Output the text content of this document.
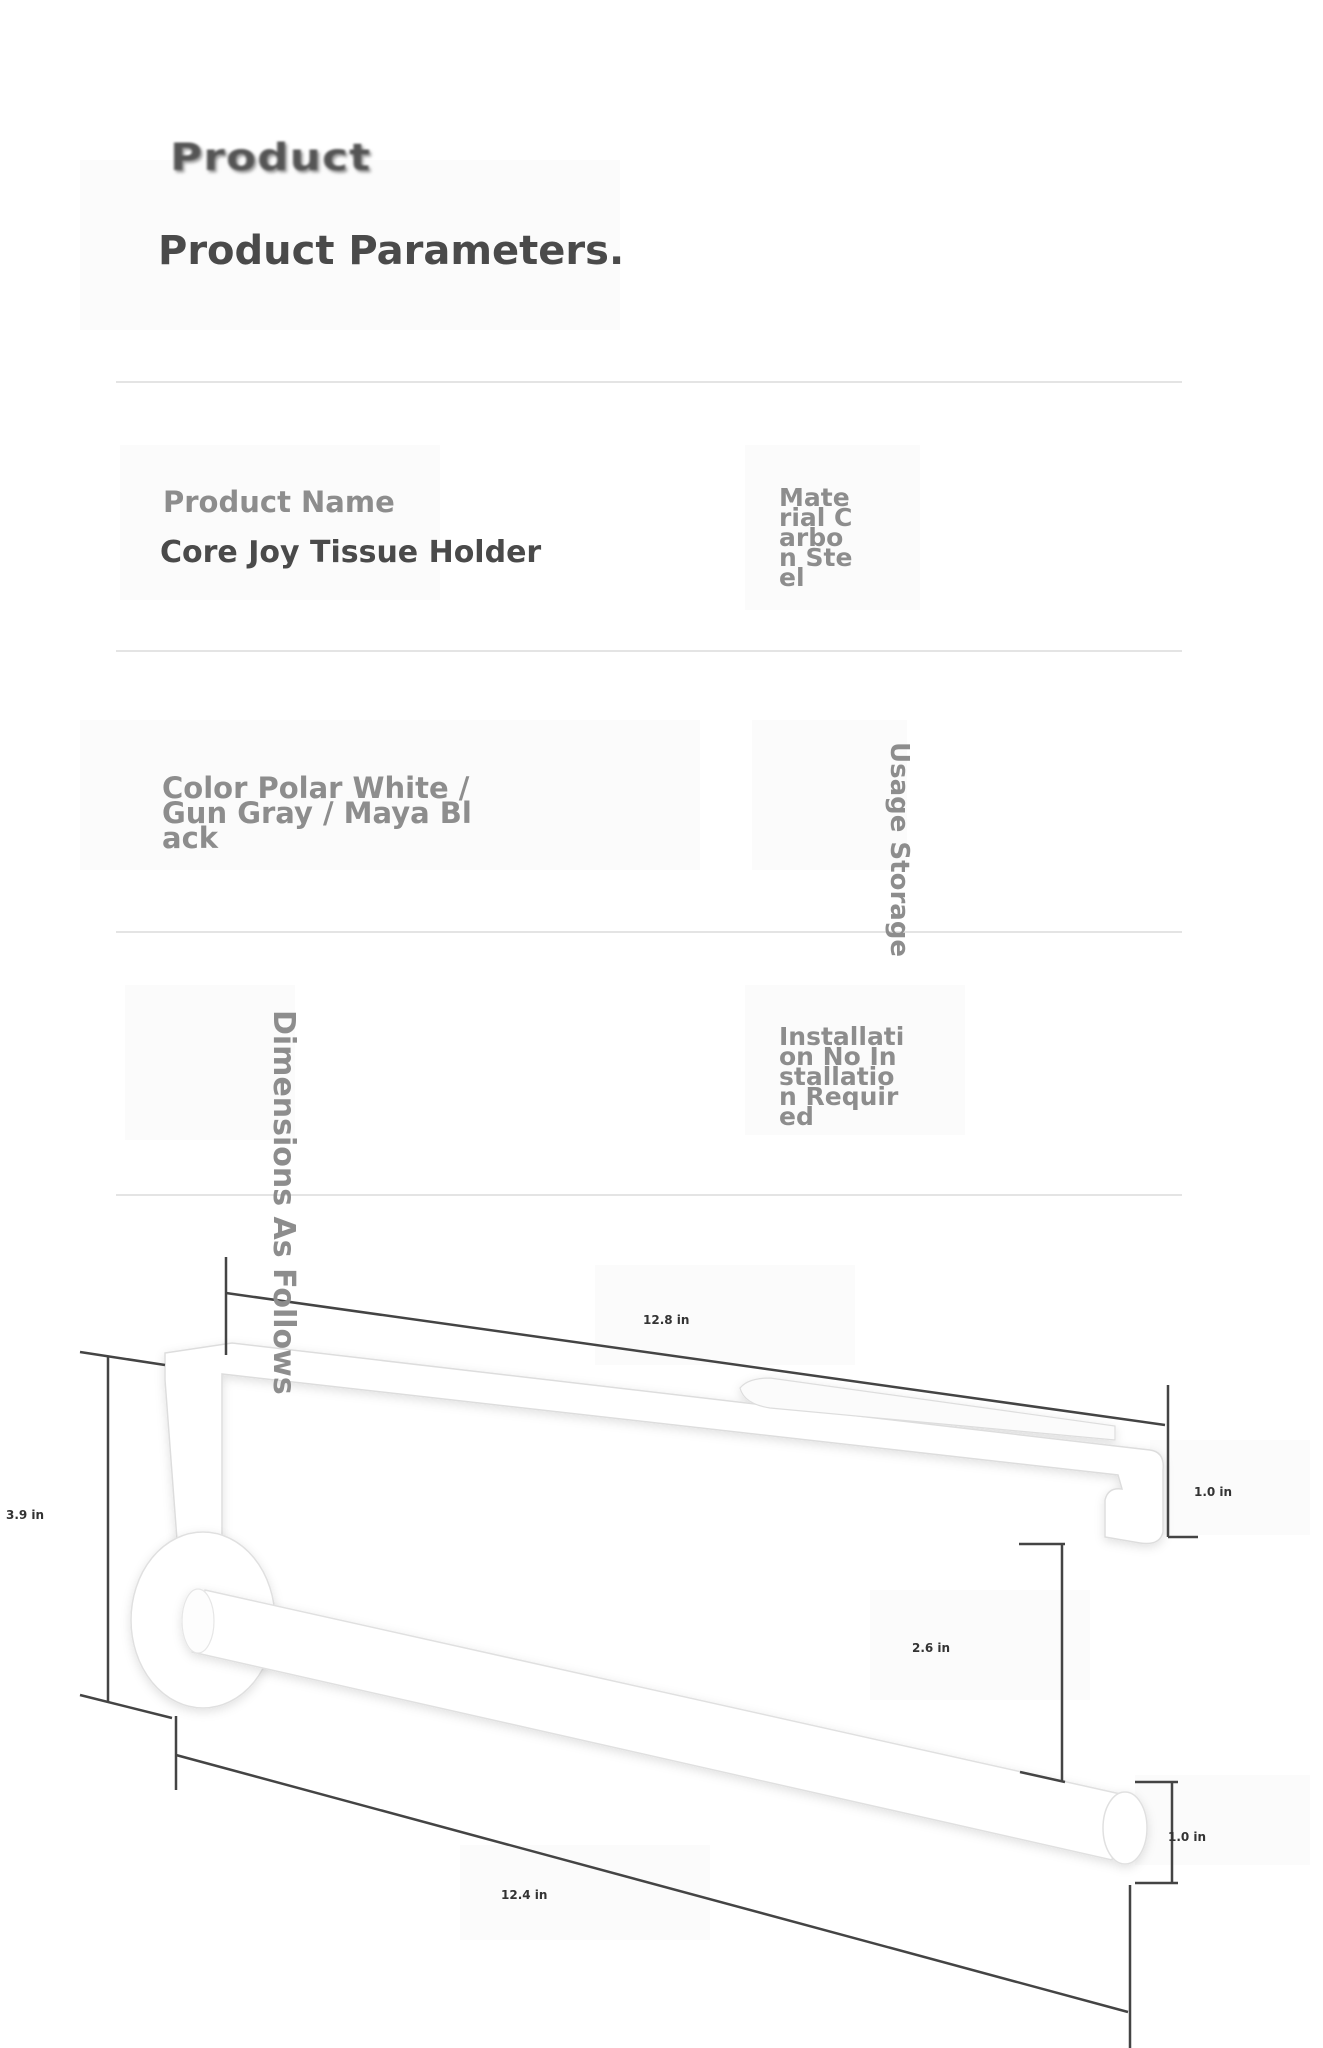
Product
Product Parameters.
Product Name
Core Joy Tissue Holder
Material Carbon Steel
Color Polar White / Gun Gray / Maya Black	Usage Storage
Installation No Installation Required
Dimensions As Follows	12.8 in
3.9 in
1.0 in
2.6 in
1.0 in
12.4 in
